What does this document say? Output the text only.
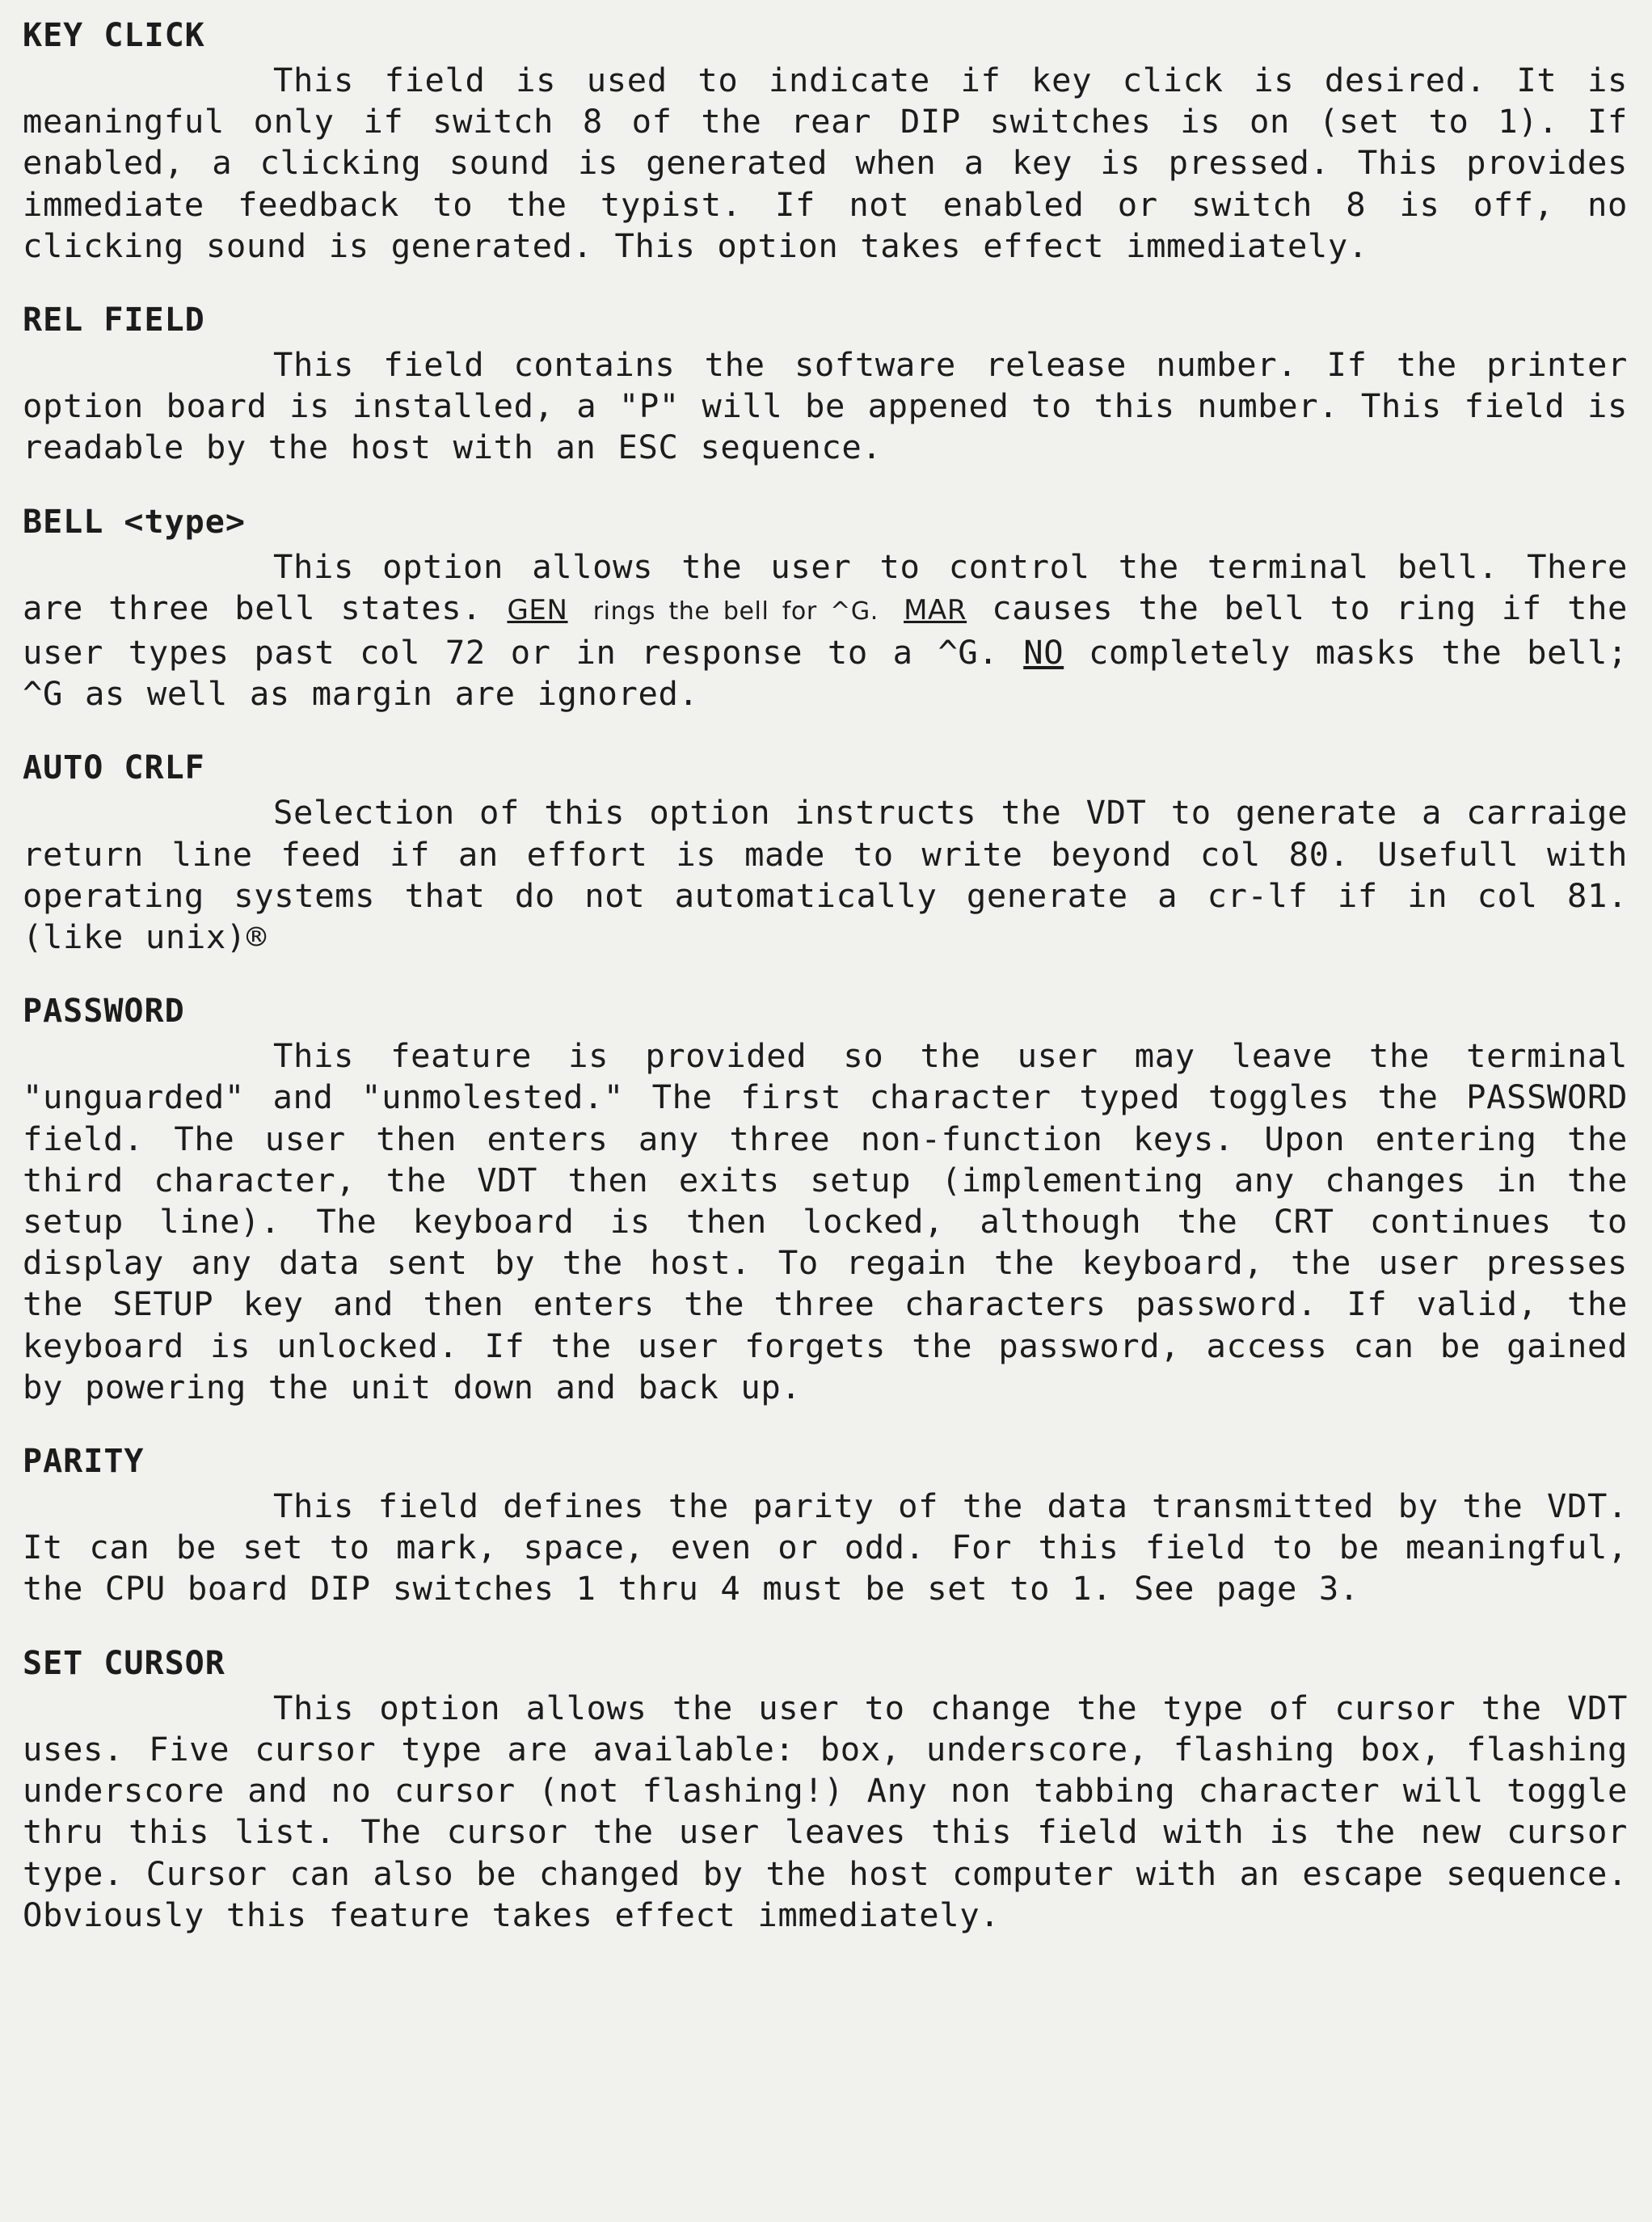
KEY CLICK

This field is used to indicate if key click is desired. It is meaningful only if switch 8 of the rear DIP switches is on (set to 1). If enabled, a clicking sound is generated when a key is pressed. This provides immediate feedback to the typist. If not enabled or switch 8 is off, no clicking sound is generated. This option takes effect immediately.

REL FIELD

This field contains the software release number. If the printer option board is installed, a "P" will be appened to this number. This field is readable by the host with an ESC sequence.

BELL <type>

This option allows the user to control the terminal bell. There are three bell states. GEN rings the bell for ^G. MAR causes the bell to ring if the user types past col 72 or in response to a ^G. NO completely masks the bell; ^G as well as margin are ignored.

AUTO CRLF

Selection of this option instructs the VDT to generate a carraige return line feed if an effort is made to write beyond col 80. Usefull with operating systems that do not automatically generate a cr-lf if in col 81. (like unix)®

PASSWORD

This feature is provided so the user may leave the terminal "unguarded" and "unmolested." The first character typed toggles the PASSWORD field. The user then enters any three non-function keys. Upon entering the third character, the VDT then exits setup (implementing any changes in the setup line). The keyboard is then locked, although the CRT continues to display any data sent by the host. To regain the keyboard, the user presses the SETUP key and then enters the three characters password. If valid, the keyboard is unlocked. If the user forgets the password, access can be gained by powering the unit down and back up.

PARITY

This field defines the parity of the data transmitted by the VDT. It can be set to mark, space, even or odd. For this field to be meaningful, the CPU board DIP switches 1 thru 4 must be set to 1. See page 3.

SET CURSOR

This option allows the user to change the type of cursor the VDT uses. Five cursor type are available: box, underscore, flashing box, flashing underscore and no cursor (not flashing!) Any non tabbing character will toggle thru this list. The cursor the user leaves this field with is the new cursor type. Cursor can also be changed by the host computer with an escape sequence. Obviously this feature takes effect immediately.
